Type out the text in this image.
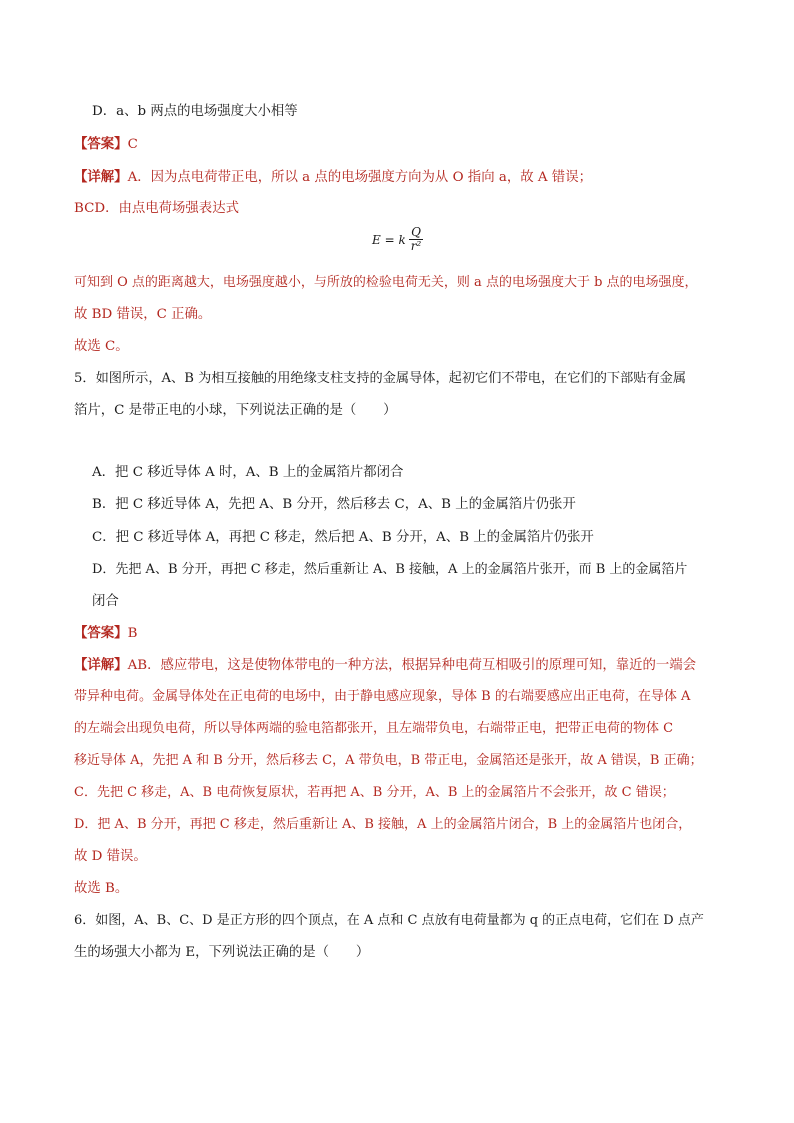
D．a、b 两点的电场强度大小相等
【答案】C
【详解】A．因为点电荷带正电，所以 a 点的电场强度方向为从 O 指向 a，故 A 错误；
BCD．由点电荷场强表达式
E = k $\frac{Q}{\text{r²}}$
可知到 O 点的距离越大，电场强度越小，与所放的检验电荷无关，则 a 点的电场强度大于 b 点的电场强度，
故 BD 错误，C 正确。
故选 C。
5．如图所示，A、B 为相互接触的用绝缘支柱支持的金属导体，起初它们不带电，在它们的下部贴有金属
箔片，C 是带正电的小球，下列说法正确的是（　　）
A．把 C 移近导体 A 时，A、B 上的金属箔片都闭合
B．把 C 移近导体 A，先把 A、B 分开，然后移去 C，A、B 上的金属箔片仍张开
C．把 C 移近导体 A，再把 C 移走，然后把 A、B 分开，A、B 上的金属箔片仍张开
D．先把 A、B 分开，再把 C 移走，然后重新让 A、B 接触，A 上的金属箔片张开，而 B 上的金属箔片
闭合
【答案】B
【详解】AB．感应带电，这是使物体带电的一种方法，根据异种电荷互相吸引的原理可知，靠近的一端会
带异种电荷。金属导体处在正电荷的电场中，由于静电感应现象，导体 B 的右端要感应出正电荷，在导体 A
的左端会出现负电荷，所以导体两端的验电箔都张开，且左端带负电，右端带正电，把带正电荷的物体 C
移近导体 A，先把 A 和 B 分开，然后移去 C，A 带负电，B 带正电，金属箔还是张开，故 A 错误，B 正确；
C．先把 C 移走，A、B 电荷恢复原状，若再把 A、B 分开，A、B 上的金属箔片不会张开，故 C 错误；
D．把 A、B 分开，再把 C 移走，然后重新让 A、B 接触，A 上的金属箔片闭合，B 上的金属箔片也闭合，
故 D 错误。
故选 B。
6．如图，A、B、C、D 是正方形的四个顶点，在 A 点和 C 点放有电荷量都为 q 的正点电荷，它们在 D 点产
生的场强大小都为 E，下列说法正确的是（　　）
